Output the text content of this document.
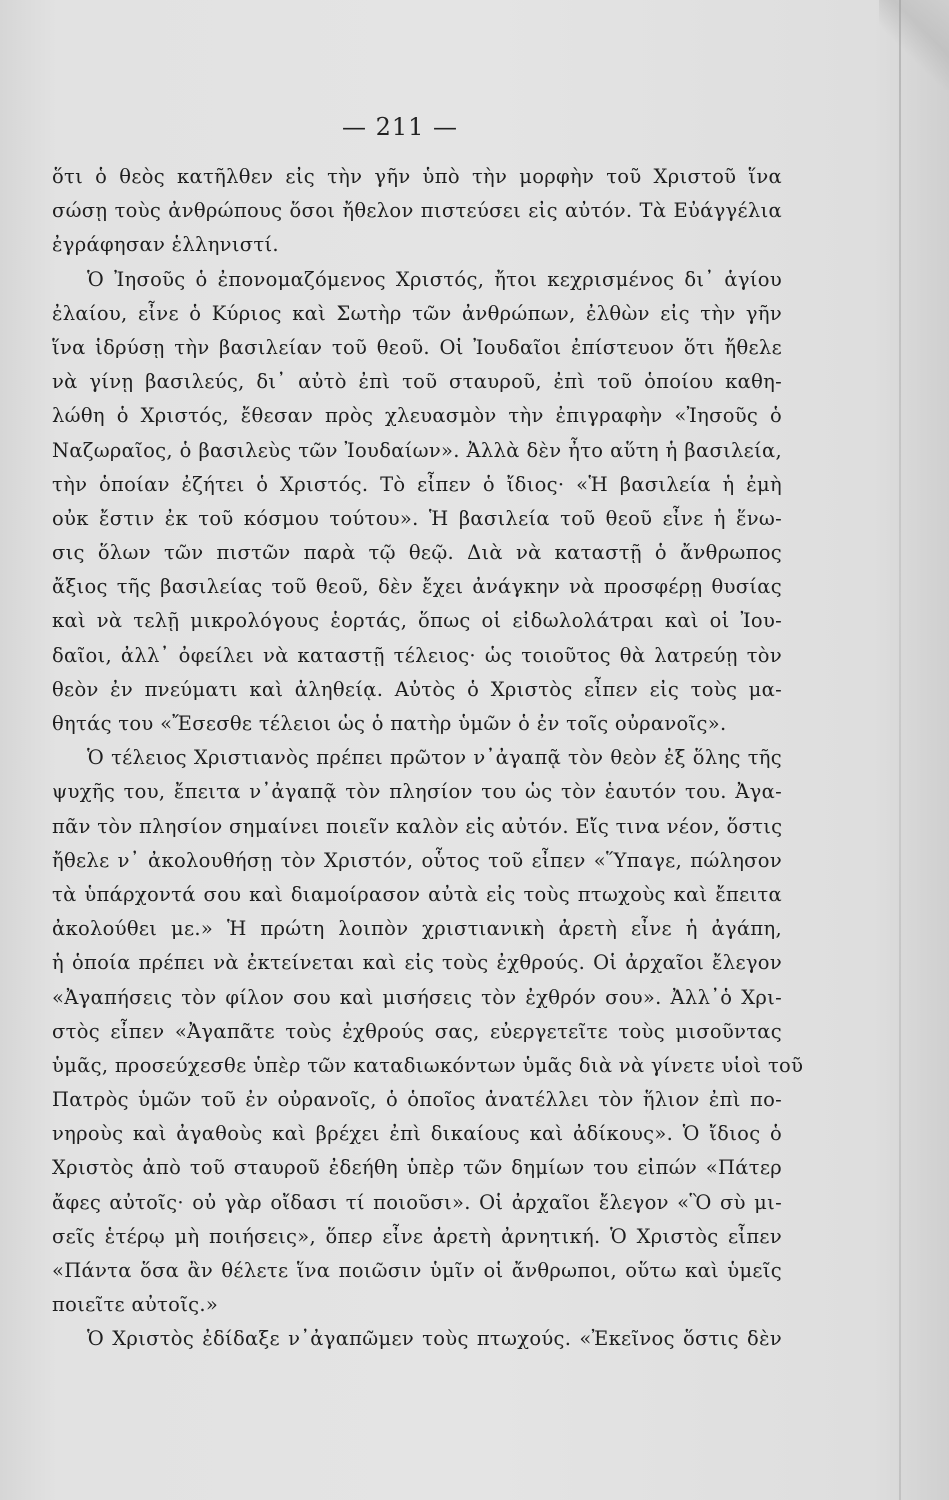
— 211 —
ὅτι ὁ θεὸς κατῆλθεν εἰς τὴν γῆν ὑπὸ τὴν μορφὴν τοῦ Χριστοῦ ἵνα
σώσῃ τοὺς ἀνθρώπους ὅσοι ἤθελον πιστεύσει εἰς αὐτόν. Τὰ Εὐάγγέλια
ἐγράφησαν ἑλληνιστί.
Ὁ Ἰησοῦς ὁ ἐπονομαζόμενος Χριστός, ἤτοι κεχρισμένος δι᾽ ἁγίου
ἐλαίου, εἶνε ὁ Κύριος καὶ Σωτὴρ τῶν ἀνθρώπων, ἐλθὼν εἰς τὴν γῆν
ἵνα ἱδρύσῃ τὴν βασιλείαν τοῦ θεοῦ. Οἱ Ἰουδαῖοι ἐπίστευον ὅτι ἤθελε
νὰ γίνῃ βασιλεύς, δι᾽ αὐτὸ ἐπὶ τοῦ σταυροῦ, ἐπὶ τοῦ ὁποίου καθη-
λώθη ὁ Χριστός, ἔθεσαν πρὸς χλευασμὸν τὴν ἐπιγραφὴν «Ἰησοῦς ὁ
Ναζωραῖος, ὁ βασιλεὺς τῶν Ἰουδαίων». Ἀλλὰ δὲν ἦτο αὕτη ἡ βασιλεία,
τὴν ὁποίαν ἐζήτει ὁ Χριστός. Τὸ εἶπεν ὁ ἴδιος· «Ἡ βασιλεία ἡ ἐμὴ
οὐκ ἔστιν ἐκ τοῦ κόσμου τούτου». Ἡ βασιλεία τοῦ θεοῦ εἶνε ἡ ἕνω-
σις ὅλων τῶν πιστῶν παρὰ τῷ θεῷ. Διὰ νὰ καταστῇ ὁ ἄνθρωπος
ἄξιος τῆς βασιλείας τοῦ θεοῦ, δὲν ἔχει ἀνάγκην νὰ προσφέρῃ θυσίας
καὶ νὰ τελῇ μικρολόγους ἑορτάς, ὅπως οἱ εἰδωλολάτραι καὶ οἱ Ἰου-
δαῖοι, ἀλλ᾽ ὀφείλει νὰ καταστῇ τέλειος· ὡς τοιοῦτος θὰ λατρεύῃ τὸν
θεὸν ἐν πνεύματι καὶ ἀληθείᾳ. Αὐτὸς ὁ Χριστὸς εἶπεν εἰς τοὺς μα-
θητάς του «Ἔσεσθε τέλειοι ὡς ὁ πατὴρ ὑμῶν ὁ ἐν τοῖς οὐρανοῖς».
Ὁ τέλειος Χριστιανὸς πρέπει πρῶτον ν᾽ἀγαπᾷ τὸν θεὸν ἐξ ὅλης τῆς
ψυχῆς του, ἔπειτα ν᾽ἀγαπᾷ τὸν πλησίον του ὡς τὸν ἑαυτόν του. Ἀγα-
πᾶν τὸν πλησίον σημαίνει ποιεῖν καλὸν εἰς αὐτόν. Εἴς τινα νέον, ὅστις
ἤθελε ν᾽ ἀκολουθήσῃ τὸν Χριστόν, οὗτος τοῦ εἶπεν «Ὕπαγε, πώλησον
τὰ ὑπάρχοντά σου καὶ διαμοίρασον αὐτὰ εἰς τοὺς πτωχοὺς καὶ ἔπειτα
ἀκολούθει με.» Ἡ πρώτη λοιπὸν χριστιανικὴ ἀρετὴ εἶνε ἡ ἀγάπη,
ἡ ὁποία πρέπει νὰ ἐκτείνεται καὶ εἰς τοὺς ἐχθρούς. Οἱ ἀρχαῖοι ἔλεγον
«Ἀγαπήσεις τὸν φίλον σου καὶ μισήσεις τὸν ἐχθρόν σου». Ἀλλ᾽ὁ Χρι-
στὸς εἶπεν «Ἀγαπᾶτε τοὺς ἐχθρούς σας, εὐεργετεῖτε τοὺς μισοῦντας
ὑμᾶς, προσεύχεσθε ὑπὲρ τῶν καταδιωκόντων ὑμᾶς διὰ νὰ γίνετε υἱοὶ τοῦ
Πατρὸς ὑμῶν τοῦ ἐν οὐρανοῖς, ὁ ὁποῖος ἀνατέλλει τὸν ἥλιον ἐπὶ πο-
νηροὺς καὶ ἀγαθοὺς καὶ βρέχει ἐπὶ δικαίους καὶ ἀδίκους». Ὁ ἴδιος ὁ
Χριστὸς ἀπὸ τοῦ σταυροῦ ἐδεήθη ὑπὲρ τῶν δημίων του εἰπών «Πάτερ
ἄφες αὐτοῖς· οὐ γὰρ οἴδασι τί ποιοῦσι». Οἱ ἀρχαῖοι ἔλεγον «Ὃ σὺ μι-
σεῖς ἑτέρῳ μὴ ποιήσεις», ὅπερ εἶνε ἀρετὴ ἀρνητική. Ὁ Χριστὸς εἶπεν
«Πάντα ὅσα ἂν θέλετε ἵνα ποιῶσιν ὑμῖν οἱ ἄνθρωποι, οὕτω καὶ ὑμεῖς
ποιεῖτε αὐτοῖς.»
Ὁ Χριστὸς ἐδίδαξε ν᾽ἀγαπῶμεν τοὺς πτωχούς. «Ἐκεῖνος ὅστις δὲν
